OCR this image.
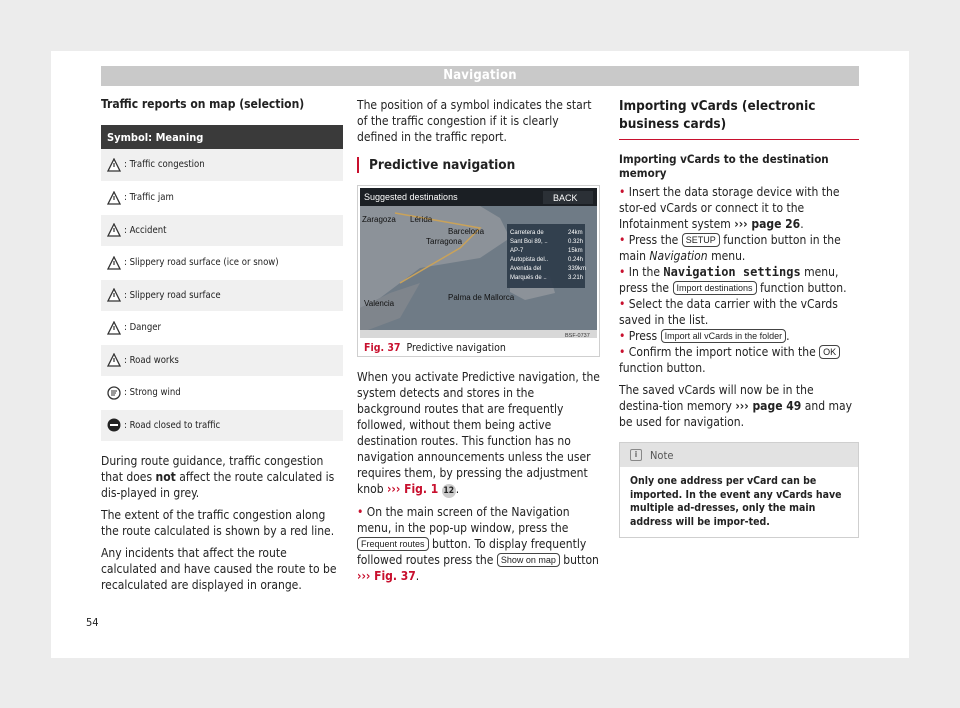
Navigation
Traffic reports on map (selection)
Symbol: Meaning

: Traffic congestion

: Traffic jam

: Accident

: Slippery road surface (ice or snow)

: Slippery road surface

: Danger

: Road works

: Strong wind

: Road closed to traffic

During route guidance, traffic congestion that does not affect the route calculated is dis-played in grey.

The extent of the traffic congestion along the route calculated is shown by a red line.

Any incidents that affect the route calculated and have caused the route to be recalculated are displayed in orange.

The position of a symbol indicates the start of the traffic congestion if it is clearly defined in the traffic report.

Predictive navigation
Suggested destinations	BACK
Carretera de	24km
Sant Boi 89, ..	0.32h
AP-7	15km
Autopista del..	0.24h
Avenida del	339km
Marqués de ..	3.21h
Zaragoza Lérida
Barcelona
Tarragona
Valencia
Palma de Mallorca
BSF-0737
Fig. 37 Predictive navigation

When you activate Predictive navigation, the system detects and stores in the background routes that are frequently followed, without them being active destination routes. This function has no navigation announcements unless the user requires them, by pressing the adjustment knob ››› Fig. 1 12 .

• On the main screen of the Navigation menu, in the pop-up window, press the Frequent routes button. To display frequently followed routes press the Show on map button ››› Fig. 37.

Importing vCards (electronic business cards)
Importing vCards to the destination memory

• Insert the data storage device with the stor-ed vCards or connect it to the Infotainment system ››› page 26.

• Press the SETUP function button in the main Navigation menu.

• In the Navigation settings menu, press the Import destinations function button.

• Select the data carrier with the vCards saved in the list.

• Press Import all vCards in the folder .

• Confirm the import notice with the OK function button.

The saved vCards will now be in the destina-tion memory ››› page 49 and may be used for navigation.

i	Note
Only one address per vCard can be imported. In the event any vCards have multiple ad-dresses, only the main address will be impor-ted.
54
